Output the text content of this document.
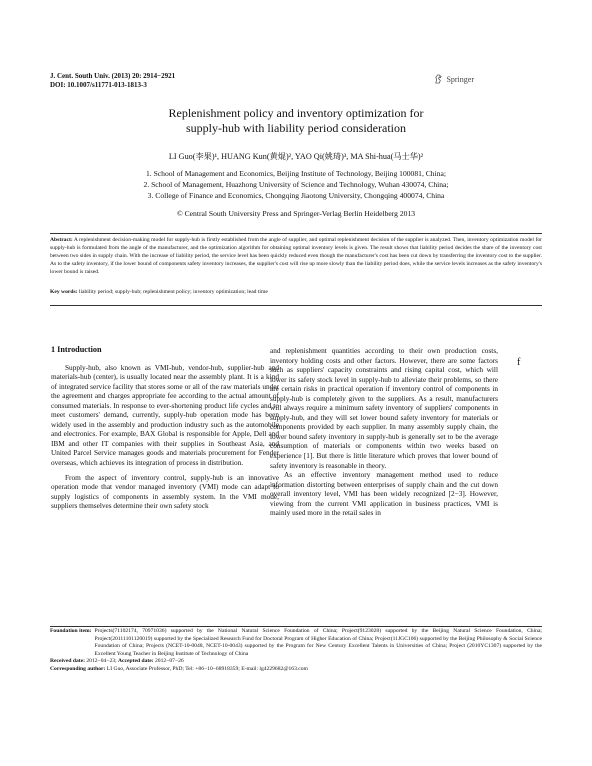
J. Cent. South Univ. (2013) 20: 2914−2921
DOI: 10.1007/s11771-013-1813-3
Springer
Replenishment policy and inventory optimization for
supply-hub with liability period consideration
LI Guo(李果)¹, HUANG Kun(黄焜)², YAO Qi(姚琦)³, MA Shi-hua(马士华)²
1. School of Management and Economics, Beijing Institute of Technology, Beijing 100081, China;
2. School of Management, Huazhong University of Science and Technology, Wuhan 430074, China;
3. College of Finance and Economics, Chongqing Jiaotong University, Chongqing 400074, China
© Central South University Press and Springer-Verlag Berlin Heidelberg 2013
Abstract: A replenishment decision-making model for supply-hub is firstly established from the angle of supplier, and optimal replenishment decision of the supplier is analyzed. Then, inventory optimization model for supply-hub is formulated from the angle of the manufacturer, and the optimization algorithm for obtaining optimal inventory levels is given. The result shows that liability period decides the share of the inventory cost between two sides in supply chain. With the increase of liability period, the service level has been quickly reduced even though the manufacturer's cost has been cut down by transferring the inventory cost to the supplier. As to the safety inventory, if the lower bound of components safety inventory increases, the supplier's cost will rise up more slowly than the liability period does, while the service levels increases as the safety inventory's lower bound is raised.
Key words: liability period; supply-hub; replenishment policy; inventory optimization; lead time

1 Introduction

Supply-hub, also known as VMI-hub, vendor-hub, supplier-hub and materials-hub (center), is usually located near the assembly plant. It is a kind of integrated service facility that stores some or all of the raw materials under the agreement and charges appropriate fee according to the actual amount of consumed materials. In response to ever-shortening product life cycles and to meet customers' demand, currently, supply-hub operation mode has been widely used in the assembly and production industry such as the automobile and electronics. For example, BAX Global is responsible for Apple, Dell and IBM and other IT companies with their supplies in Southeast Asia, and United Parcel Service manages goods and materials procurement for Fender overseas, which achieves its integration of process in distribution.

From the aspect of inventory control, supply-hub is an innovative operation mode that vendor managed inventory (VMI) mode can adapt to supply logistics of components in assembly system. In the VMI mode, suppliers themselves determine their own safety stock

and replenishment quantities according to their own production costs, inventory holding costs and other factors. However, there are some factors such as suppliers' capacity constraints and rising capital cost, which will lower its safety stock level in supply-hub to alleviate their problems, so there are certain risks in practical operation if inventory control of components in supply-hub is completely given to the suppliers. As a result, manufacturers will always require a minimum safety inventory of suppliers' components in supply-hub, and they will set lower bound safety inventory for materials or components provided by each supplier. In many assembly supply chain, the lower bound safety inventory in supply-hub is generally set to be the average consumption of materials or components within two weeks based on experience [1]. But there is little literature which proves that lower bound of safety inventory is reasonable in theory.

As an effective inventory management method used to reduce information distorting between enterprises of supply chain and the cut down overall inventory level, VMI has been widely recognized [2−3]. However, viewing from the current VMI application in business practices, VMI is mainly used more in the retail sales in

f
Foundation item: Projects(71102174, 70971036) supported by the National Natural Science Foundation of China; Project(9123028) supported by the Beijing Natural Science Foundation, China; Project(20111101120019) supported by the Specialized Research Fund for Doctoral Program of Higher Education of China; Project(11JGC106) supported by the Beijing Philosophy & Social Science Foundation of China; Projects (NCET-10-0048, NCET-10-0043) supported by the Program for New Century Excellent Talents in Universities of China; Project (2010YC1307) supported by the Excellent Young Teacher in Beijing Institute of Technology of China
Received date: 2012−04−23; Accepted date: 2012−07−26
Corresponding author: LI Guo, Associate Professor, PhD; Tel: +86−10−68918359; E-mail: lg4229682@163.com
